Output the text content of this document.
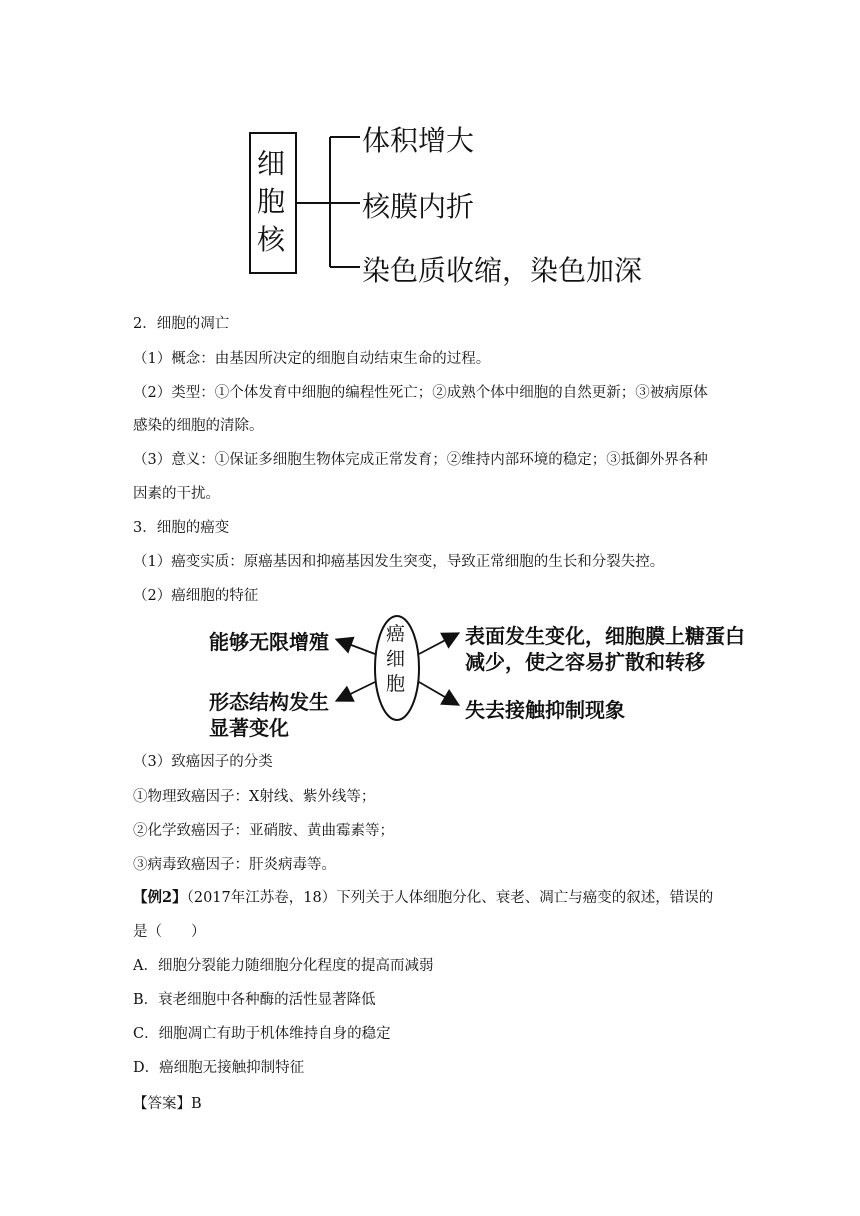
细
胞
核
体积增大
核膜内折
染色质收缩，染色加深
2．细胞的凋亡
（1）概念：由基因所决定的细胞自动结束生命的过程。
（2）类型：①个体发育中细胞的编程性死亡；②成熟个体中细胞的自然更新；③被病原体
感染的细胞的清除。
（3）意义：①保证多细胞生物体完成正常发育；②维持内部环境的稳定；③抵御外界各种
因素的干扰。
3．细胞的癌变
（1）癌变实质：原癌基因和抑癌基因发生突变，导致正常细胞的生长和分裂失控。
（2）癌细胞的特征
癌
细
胞
能够无限增殖
形态结构发生
显著变化
表面发生变化，细胞膜上糖蛋白
减少，使之容易扩散和转移
失去接触抑制现象
（3）致癌因子的分类
①物理致癌因子：X射线、紫外线等；
②化学致癌因子：亚硝胺、黄曲霉素等；
③病毒致癌因子：肝炎病毒等。
【例2】（2017年江苏卷，18）下列关于人体细胞分化、衰老、凋亡与癌变的叙述，错误的
是（　　）
A．细胞分裂能力随细胞分化程度的提高而减弱
B．衰老细胞中各种酶的活性显著降低
C．细胞凋亡有助于机体维持自身的稳定
D．癌细胞无接触抑制特征
【答案】B
